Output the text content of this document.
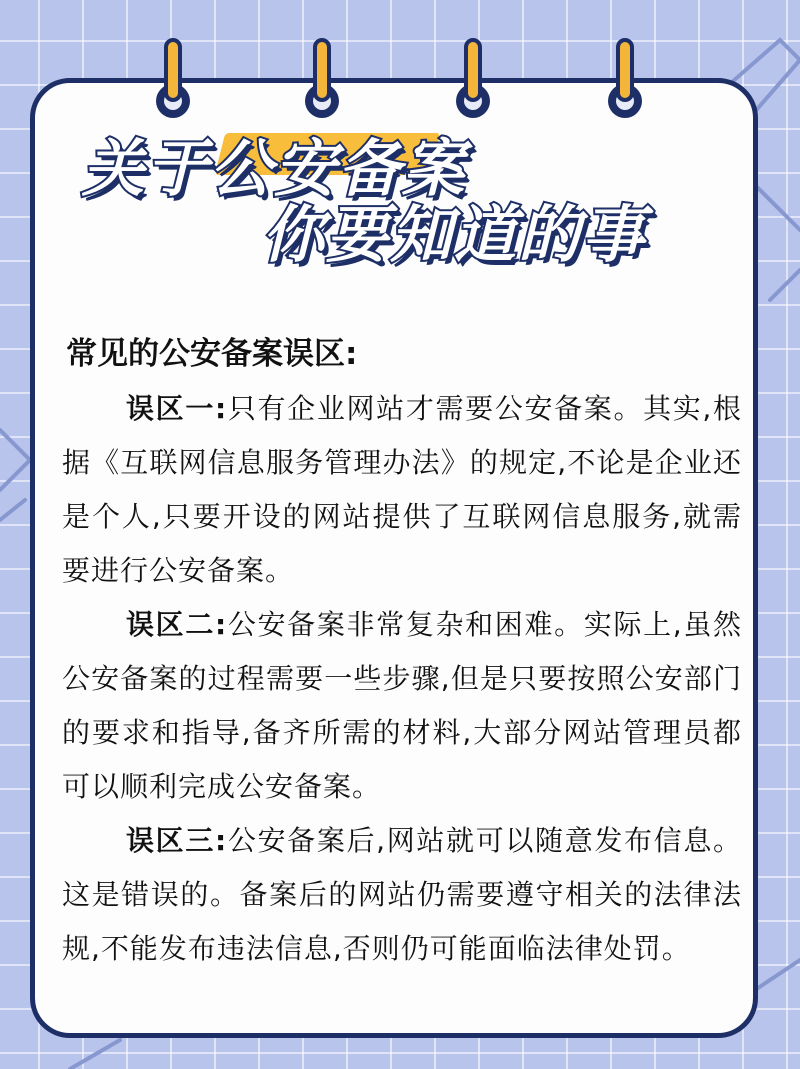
关于公安备案
你要知道的事
常见的公安备案误区:

误区一:只有企业网站才需要公安备案。其实,根据《互联网信息服务管理办法》的规定,不论是企业还是个人,只要开设的网站提供了互联网信息服务,就需要进行公安备案。

误区二:公安备案非常复杂和困难。实际上,虽然公安备案的过程需要一些步骤,但是只要按照公安部门的要求和指导,备齐所需的材料,大部分网站管理员都可以顺利完成公安备案。

误区三:公安备案后,网站就可以随意发布信息。这是错误的。备案后的网站仍需要遵守相关的法律法规,不能发布违法信息,否则仍可能面临法律处罚。
